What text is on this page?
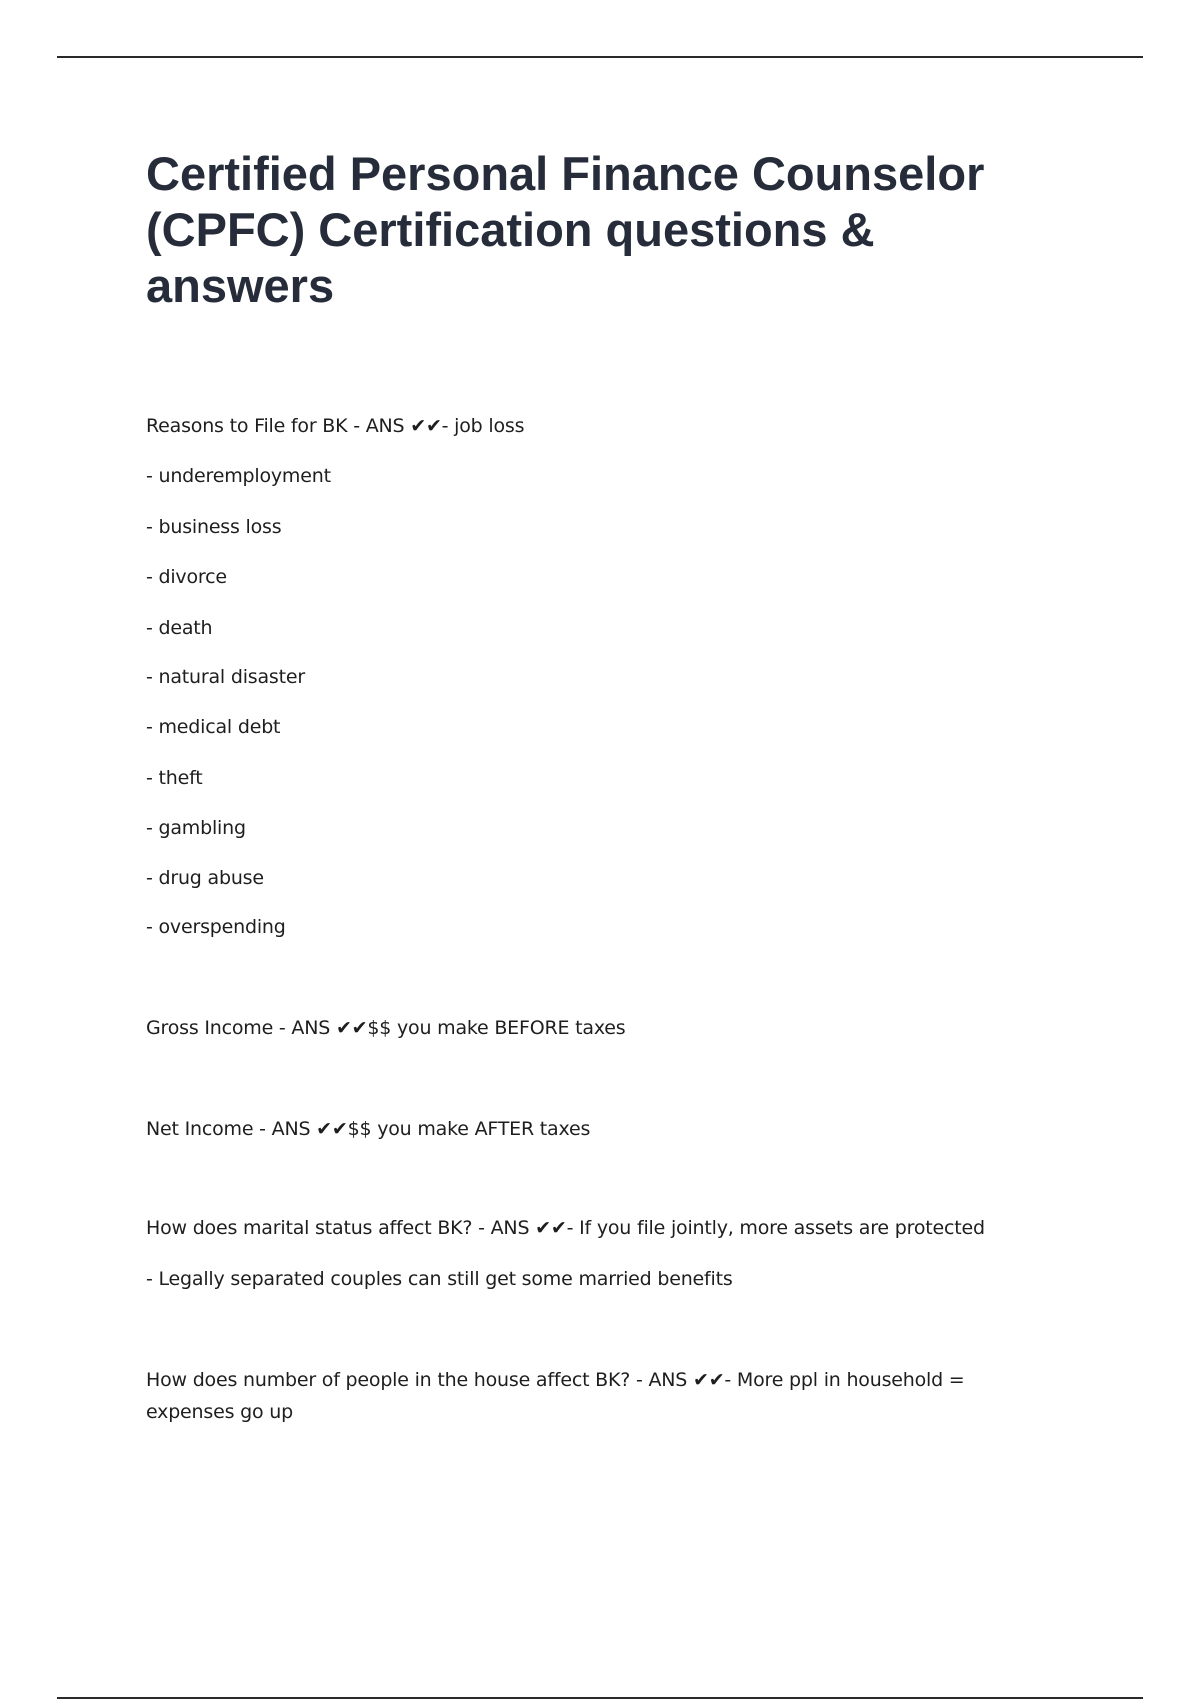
Certified Personal Finance Counselor (CPFC) Certification questions & answers

Reasons to File for BK - ANS ✔✔- job loss

- underemployment

- business loss

- divorce

- death

- natural disaster

- medical debt

- theft

- gambling

- drug abuse

- overspending

Gross Income - ANS ✔✔$$ you make BEFORE taxes

Net Income - ANS ✔✔$$ you make AFTER taxes

How does marital status affect BK? - ANS ✔✔- If you file jointly, more assets are protected

- Legally separated couples can still get some married benefits

How does number of people in the house affect BK? - ANS ✔✔- More ppl in household = expenses go up
